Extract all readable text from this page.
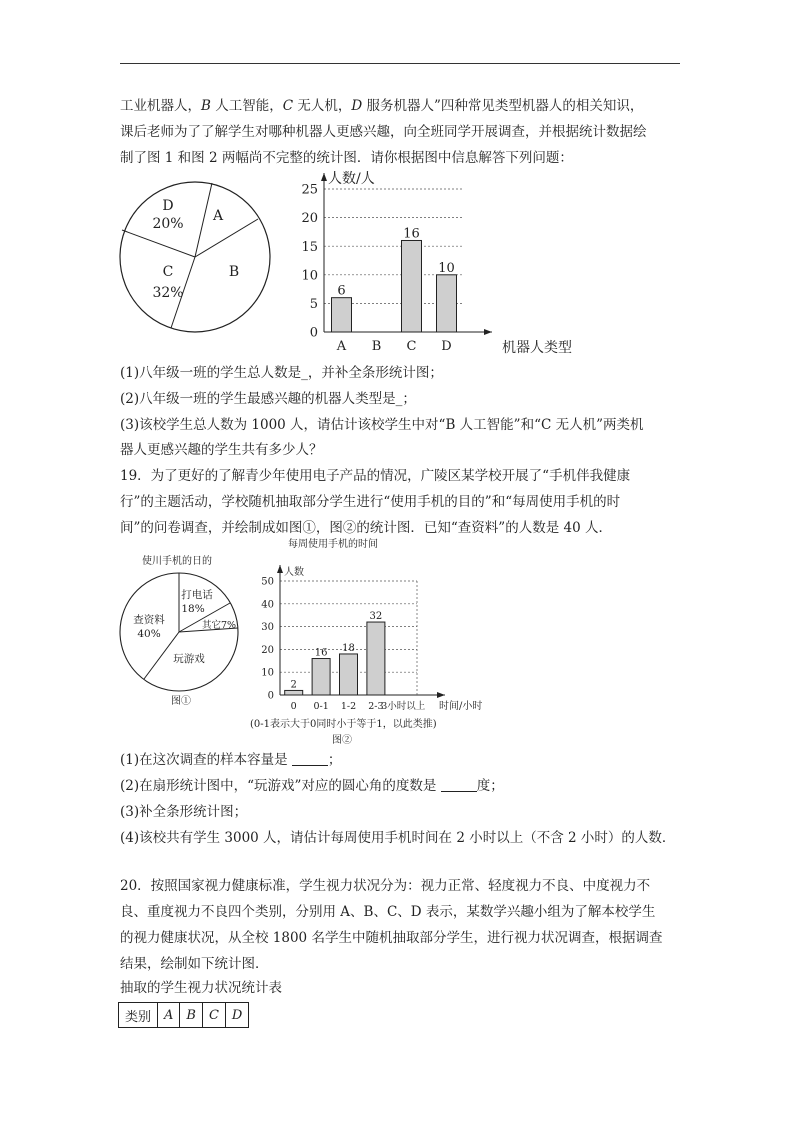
工业机器人，B 人工智能，C 无人机，D 服务机器人”四种常见类型机器人的相关知识，
课后老师为了了解学生对哪种机器人更感兴趣，向全班同学开展调查，并根据统计数据绘
制了图 1 和图 2 两幅尚不完整的统计图．请你根据图中信息解答下列问题：
D
20% A
B
C
32%
0
5
10
15
20
25
人数/人
机器人类型
6
A B
16
C
10
D
(1)八年级一班的学生总人数是_，并补全条形统计图；
(2)八年级一班的学生最感兴趣的机器人类型是_；
(3)该校学生总人数为 1000 人，请估计该校学生中对“B 人工智能”和“C 无人机”两类机
器人更感兴趣的学生共有多少人？
19．为了更好的了解青少年使用电子产品的情况，广陵区某学校开展了“手机伴我健康
行”的主题活动，学校随机抽取部分学生进行“使用手机的目的”和“每周使用手机的时
间”的问卷调查，并绘制成如图①，图②的统计图．已知“查资料”的人数是 40 人．
使川手机的日的
打电话
18%
其它7%
查资料
40%
玩游戏
图①	0
10
20
30
40
50
人数
时间/小时
2
0
16
0-1
18
1-2
32
2-3
3小时以上
每周使用手机的时间
(0-1表示大于0同时小于等于1，以此类推)
图②
(1)在这次调查的样本容量是	；
(2)在扇形统计图中，“玩游戏”对应的圆心角的度数是	度；
(3)补全条形统计图；
(4)该校共有学生 3000 人，请估计每周使用手机时间在 2 小时以上（不含 2 小时）的人数．
20．按照国家视力健康标准，学生视力状况分为：视力正常、轻度视力不良、中度视力不
良、重度视力不良四个类别，分别用 A、B、C、D 表示，某数学兴趣小组为了解本校学生
的视力健康状况，从全校 1800 名学生中随机抽取部分学生，进行视力状况调查，根据调查
结果，绘制如下统计图．
抽取的学生视力状况统计表
类别	A	B	C	D
